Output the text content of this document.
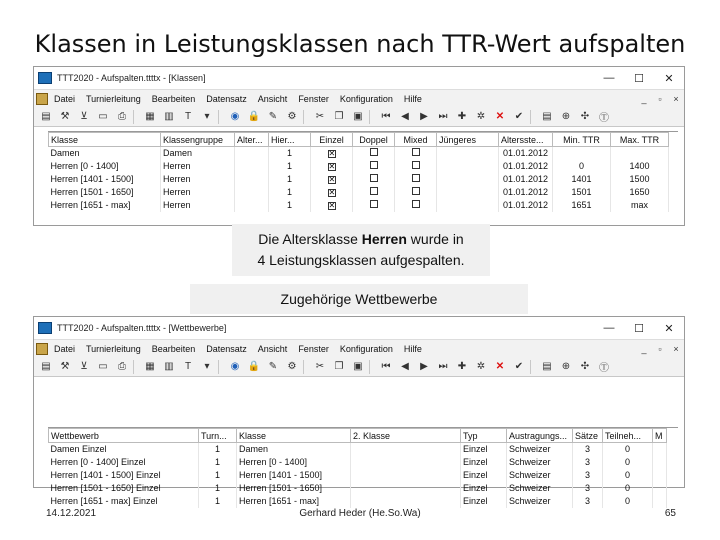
Klassen in Leistungsklassen nach TTR-Wert aufspalten
TTT2020 - Aufspalten.ttttx - [Klassen]	—	☐	✕
Datei Turnierleitung Bearbeiten Datensatz Ansicht Fenster Konfiguration Hilfe	_	▫	×
▤ ⚒	⊻	▭	⎙	▦ ▥	T	▾	◉ 🔒 ✎	⚙	✂	❐ ▣	⏮	◀	▶	⏭	✚	✲	✕	✔	▤	⊕	✣ Ⓣ
Klasse	Klassengruppe	Alter...	Hier...	Einzel	Doppel	Mixed	Jüngeres	Altersste...	Min. TTR	Max. TTR
Damen	Damen		1	✕				01.01.2012		
Herren [0 - 1400]	Herren		1	✕				01.01.2012	0	1400
Herren [1401 - 1500]	Herren		1	✕				01.01.2012	1401	1500
Herren [1501 - 1650]	Herren		1	✕				01.01.2012	1501	1650
Herren [1651 - max]	Herren		1	✕				01.01.2012	1651	max
TTT2020 - Aufspalten.ttttx - [Wettbewerbe]	—	☐	✕
Datei Turnierleitung Bearbeiten Datensatz Ansicht Fenster Konfiguration Hilfe	_	▫	×
▤ ⚒	⊻	▭	⎙	▦ ▥	T	▾	◉ 🔒 ✎	⚙	✂	❐ ▣	⏮	◀	▶	⏭	✚	✲	✕	✔	▤	⊕	✣ Ⓣ
Wettbewerb	Turn...	Klasse	2. Klasse	Typ	Austragungs...	Sätze	Teilneh...	M
Damen Einzel	1	Damen		Einzel	Schweizer	3	0	
Herren [0 - 1400] Einzel	1	Herren [0 - 1400]		Einzel	Schweizer	3	0	
Herren [1401 - 1500] Einzel	1	Herren [1401 - 1500]		Einzel	Schweizer	3	0	
Herren [1501 - 1650] Einzel	1	Herren [1501 - 1650]		Einzel	Schweizer	3	0	
Herren [1651 - max] Einzel	1	Herren [1651 - max]		Einzel	Schweizer	3	0	
Die Altersklasse Herren wurde in
4 Leistungsklassen aufgespalten.
Zugehörige Wettbewerbe
14.12.2021	Gerhard Heder (He.So.Wa)	65
